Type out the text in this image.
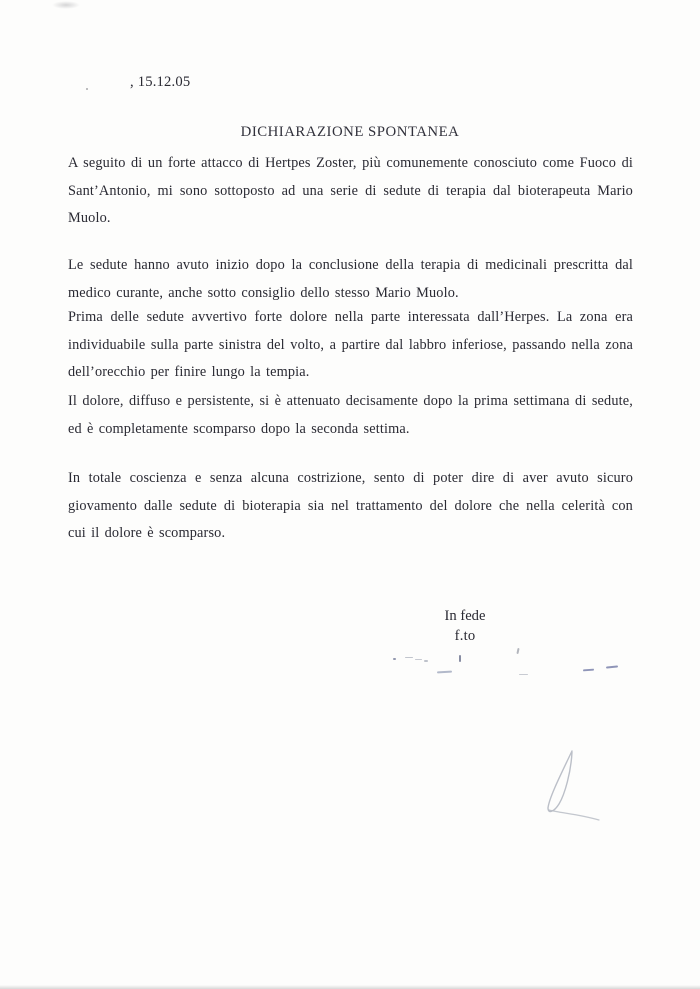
, 15.12.05
DICHIARAZIONE SPONTANEA
A seguito di un forte attacco di Hertpes Zoster, più comunemente conosciuto come Fuoco di Sant’Antonio, mi sono sottoposto ad una serie di sedute di terapia dal bioterapeuta Mario Muolo.
Le sedute hanno avuto inizio dopo la conclusione della terapia di medicinali prescritta dal medico curante, anche sotto consiglio dello stesso Mario Muolo.
Prima delle sedute avvertivo forte dolore nella parte interessata dall’Herpes. La zona era individuabile sulla parte sinistra del volto, a partire dal labbro inferiose, passando nella zona dell’orecchio per finire lungo la tempia.
Il dolore, diffuso e persistente, si è attenuato decisamente dopo la prima settimana di sedute, ed è completamente scomparso dopo la seconda settima.
In totale coscienza e senza alcuna costrizione, sento di poter dire di aver avuto sicuro giovamento dalle sedute di bioterapia sia nel trattamento del dolore che nella celerità con cui il dolore è scomparso.
In fede
f.to
